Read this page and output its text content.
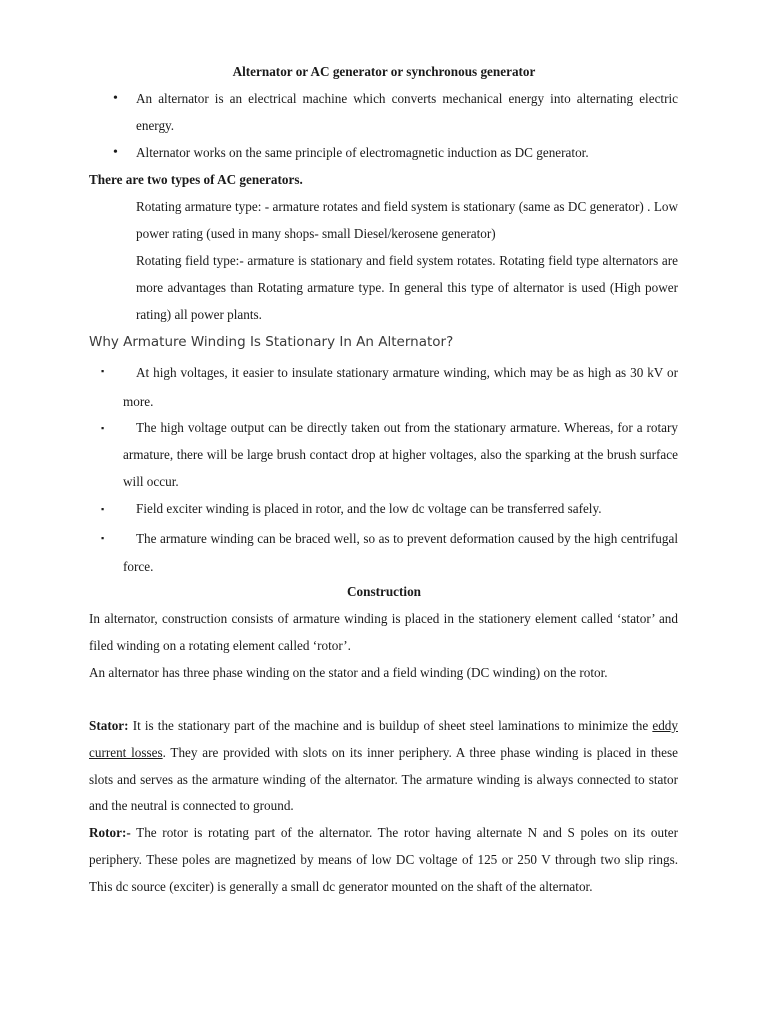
Alternator or AC generator or synchronous generator
• An alternator is an electrical machine which converts mechanical energy into alternating electric energy.
• Alternator works on the same principle of electromagnetic induction as DC generator.
There are two types of AC generators.
Rotating armature type: - armature rotates and field system is stationary (same as DC generator) . Low power rating (used in many shops- small Diesel/kerosene generator)
Rotating field type:- armature is stationary and field system rotates. Rotating field type alternators are more advantages than Rotating armature type. In general this type of alternator is used (High power rating) all power plants.
Why Armature Winding Is Stationary In An Alternator?
▪	At high voltages, it easier to insulate stationary armature winding, which may be as high as 30 kV or more.
▪	The high voltage output can be directly taken out from the stationary armature. Whereas, for a rotary armature, there will be large brush contact drop at higher voltages, also the sparking at the brush surface will occur.
▪	Field exciter winding is placed in rotor, and the low dc voltage can be transferred safely.
▪	The armature winding can be braced well, so as to prevent deformation caused by the high centrifugal force.
Construction
In alternator, construction consists of armature winding is placed in the stationery element called ‘stator’ and filed winding on a rotating element called ‘rotor’.
An alternator has three phase winding on the stator and a field winding (DC winding) on the rotor.
Stator: It is the stationary part of the machine and is buildup of sheet steel laminations to minimize the eddy current losses. They are provided with slots on its inner periphery. A three phase winding is placed in these slots and serves as the armature winding of the alternator. The armature winding is always connected to stator and the neutral is connected to ground.
Rotor:- The rotor is rotating part of the alternator. The rotor having alternate N and S poles on its outer periphery. These poles are magnetized by means of low DC voltage of 125 or 250 V through two slip rings. This dc source (exciter) is generally a small dc generator mounted on the shaft of the alternator.
